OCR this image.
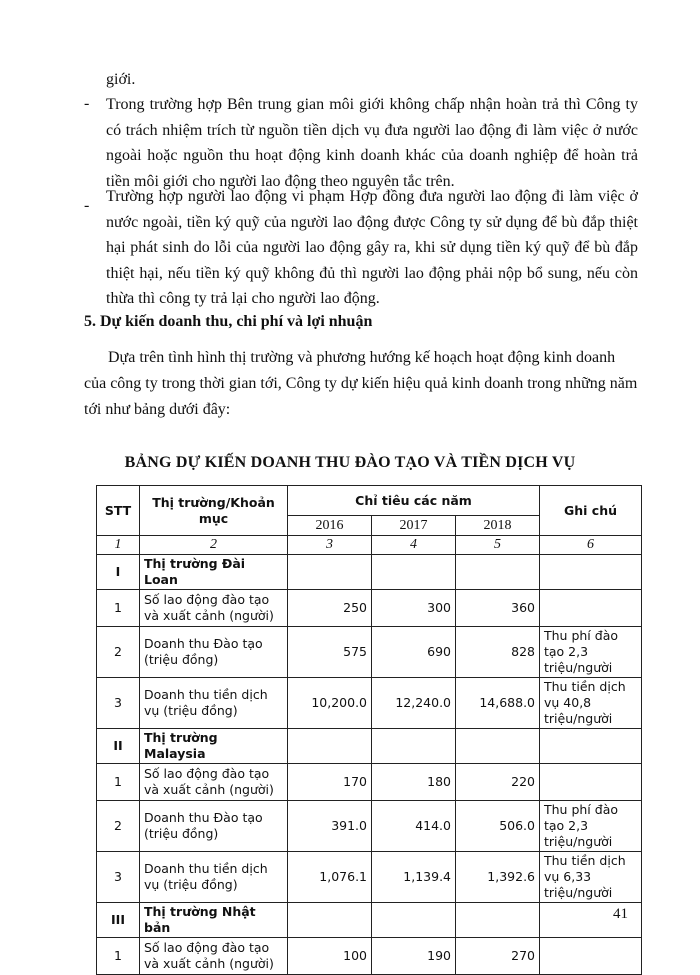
giới.
- Trong trường hợp Bên trung gian môi giới không chấp nhận hoàn trả thì Công ty có trách nhiệm trích từ nguồn tiền dịch vụ đưa người lao động đi làm việc ở nước ngoài hoặc nguồn thu hoạt động kinh doanh khác của doanh nghiệp để hoàn trả tiền môi giới cho người lao động theo nguyên tắc trên.
-
Trường hợp người lao động vi phạm Hợp đồng đưa người lao động đi làm việc ở nước ngoài, tiền ký quỹ của người lao động được Công ty sử dụng để bù đắp thiệt hại phát sinh do lỗi của người lao động gây ra, khi sử dụng tiền ký quỹ để bù đắp thiệt hại, nếu tiền ký quỹ không đủ thì người lao động phải nộp bổ sung, nếu còn thừa thì công ty trả lại cho người lao động.
5. Dự kiến doanh thu, chi phí và lợi nhuận
Dựa trên tình hình thị trường và phương hướng kế hoạch hoạt động kinh doanh của công ty trong thời gian tới, Công ty dự kiến hiệu quả kinh doanh trong những năm tới như bảng dưới đây:
BẢNG DỰ KIẾN DOANH THU ĐÀO TẠO VÀ TIỀN DỊCH VỤ
STT	Thị trường/Khoản mục	Chỉ tiêu các năm			Ghi chú
		2016	2017	2018	
1	2	3	4	5	6
I	Thị trường Đài Loan				
1	Số lao động đào tạo và xuất cảnh (người)	250	300	360	
2	Doanh thu Đào tạo (triệu đồng)	575	690	828	Thu phí đào tạo 2,3 triệu/người
3	Doanh thu tiền dịch vụ (triệu đồng)	10,200.0	12,240.0	14,688.0	Thu tiền dịch vụ 40,8 triệu/người
II	Thị trường Malaysia				
1	Số lao động đào tạo và xuất cảnh (người)	170	180	220	
2	Doanh thu Đào tạo (triệu đồng)	391.0	414.0	506.0	Thu phí đào tạo 2,3 triệu/người
3	Doanh thu tiền dịch vụ (triệu đồng)	1,076.1	1,139.4	1,392.6	Thu tiền dịch vụ 6,33 triệu/người
III	Thị trường Nhật bản				
1	Số lao động đào tạo và xuất cảnh (người)	100	190	270	
41
